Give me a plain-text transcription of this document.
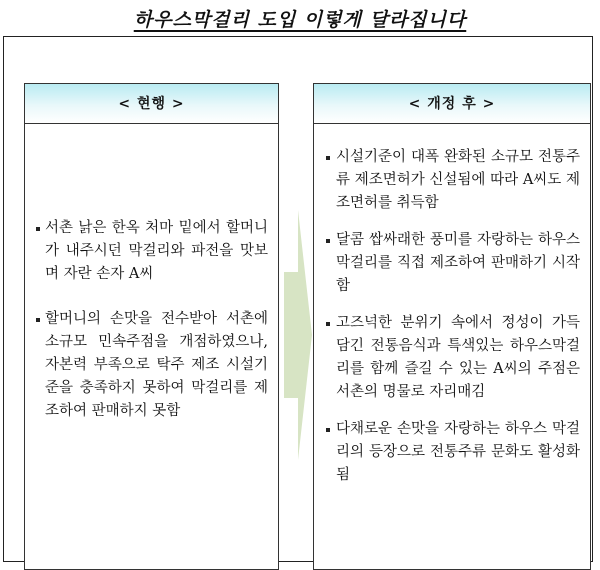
하우스막걸리 도입 이렇게 달라집니다
< 현행 >
서촌 낡은 한옥 처마 밑에서 할머니가 내주시던 막걸리와 파전을 맛보며 자란 손자 A씨
할머니의 손맛을 전수받아 서촌에 소규모 민속주점을 개점하였으나, 자본력 부족으로 탁주 제조 시설기준을 충족하지 못하여 막걸리를 제조하여 판매하지 못함
< 개정 후 >
시설기준이 대폭 완화된 소규모 전통주류 제조면허가 신설됨에 따라 A씨도 제조면허를 취득함
달콤 쌉싸래한 풍미를 자랑하는 하우스막걸리를 직접 제조하여 판매하기 시작함
고즈넉한 분위기 속에서 정성이 가득 담긴 전통음식과 특색있는 하우스막걸리를 함께 즐길 수 있는 A씨의 주점은 서촌의 명물로 자리매김
다채로운 손맛을 자랑하는 하우스 막걸리의 등장으로 전통주류 문화도 활성화됨
